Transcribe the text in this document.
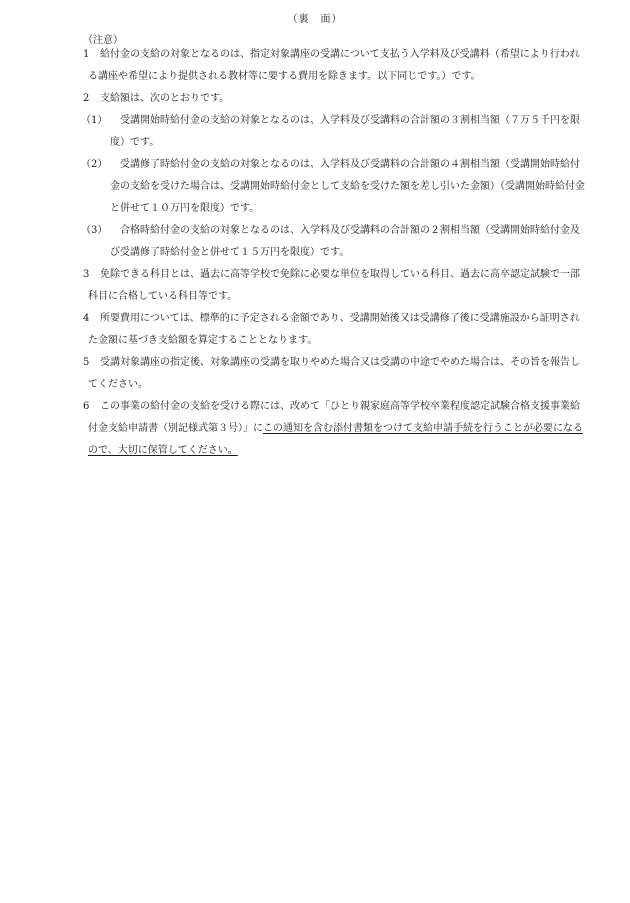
（裏　面）
（注意）
1 給付金の支給の対象となるのは、指定対象講座の受講について支払う入学料及び受講料（希望により行われ
る講座や希望により提供される教材等に要する費用を除きます。以下同じです。）です。
2 支給額は、次のとおりです。
（1） 受講開始時給付金の支給の対象となるのは、入学料及び受講料の合計額の３割相当額（７万５千円を限
度）です。
（2） 受講修了時給付金の支給の対象となるのは、入学料及び受講料の合計額の４割相当額（受講開始時給付
金の支給を受けた場合は、受講開始時給付金として支給を受けた額を差し引いた金額）（受講開始時給付金
と併せて１０万円を限度）です。
（3） 合格時給付金の支給の対象となるのは、入学料及び受講料の合計額の２割相当額（受講開始時給付金及
び受講修了時給付金と併せて１５万円を限度）です。
3 免除できる科目とは、過去に高等学校で免除に必要な単位を取得している科目、過去に高卒認定試験で一部
科目に合格している科目等です。
4 所要費用については、標準的に予定される金額であり、受講開始後又は受講修了後に受講施設から証明され
た金額に基づき支給額を算定することとなります。
5 受講対象講座の指定後、対象講座の受講を取りやめた場合又は受講の中途でやめた場合は、その旨を報告し
てください。
6 この事業の給付金の支給を受ける際には、改めて「ひとり親家庭高等学校卒業程度認定試験合格支援事業給
付金支給申請書（別記様式第３号）」にこの通知を含む添付書類をつけて支給申請手続を行うことが必要になる
ので、大切に保管してください。
